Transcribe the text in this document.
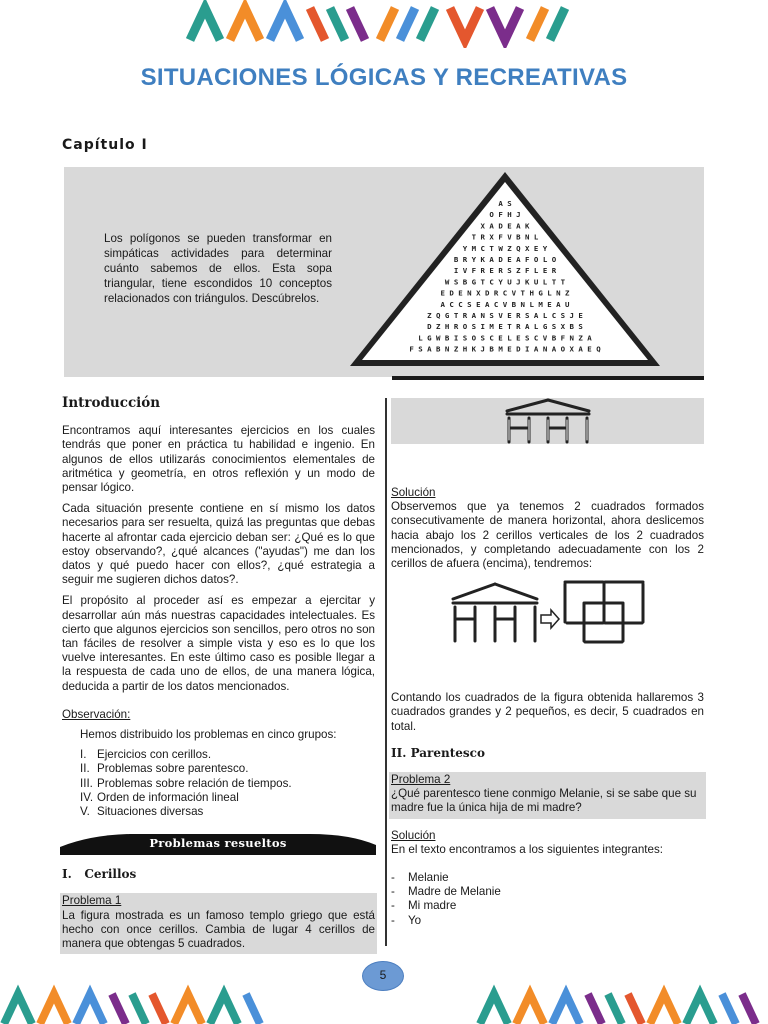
SITUACIONES LÓGICAS Y RECREATIVAS
Capítulo I

Los polígonos se pueden transformar en simpáticas actividades para determinar cuánto sabemos de ellos. Esta sopa triangular, tiene escondidos 10 conceptos relacionados con triángulos. Descúbrelos.

A S
O F H J
X A D E A K
T R X F V B N L
Y M C T W Z Q X E Y
B R Y K A D E A F O L O
I V F R E R S Z F L E R
W S B G T C Y U J K U L T T
E D E N X D R C V T H G L N Z
A C C S E A C V B N L M E A U
Z Q G T R A N S V E R S A L C S J E
D Z H R O S I M E T R A L G S X B S
L G W B I S O S C E L E S C V B F N Z A
F S A B N Z H K J B M E D I A N A O X A E Q
Introducción

Encontramos aquí interesantes ejercicios en los cuales tendrás que poner en práctica tu habilidad e ingenio. En algunos de ellos utilizarás conocimientos elementales de aritmética y geometría, en otros reflexión y un modo de pensar lógico.

Cada situación presente contiene en sí mismo los datos necesarios para ser resuelta, quizá las preguntas que debas hacerte al afrontar cada ejercicio deban ser: ¿Qué es lo que estoy observando?, ¿qué alcances ("ayudas") me dan los datos y qué puedo hacer con ellos?, ¿qué estrategia a seguir me sugieren dichos datos?.

El propósito al proceder así es empezar a ejercitar y desarrollar aún más nuestras capacidades intelectuales. Es cierto que algunos ejercicios son sencillos, pero otros no son tan fáciles de resolver a simple vista y eso es lo que los vuelve interesantes. En este último caso es posible llegar a la respuesta de cada uno de ellos, de una manera lógica, deducida a partir de los datos mencionados.

Observación:

Hemos distribuido los problemas en cinco grupos:

I. Ejercicios con cerillos.
II. Problemas sobre parentesco.
III. Problemas sobre relación de tiempos.
IV. Orden de información lineal
V. Situaciones diversas
Problemas resueltos

I.   Cerillos

Problema 1

La figura mostrada es un famoso templo griego que está hecho con once cerillos. Cambia de lugar 4 cerillos de manera que obtengas 5 cuadrados.

Solución

Observemos que ya tenemos 2 cuadrados formados consecutivamente de manera horizontal, ahora deslicemos hacia abajo los 2 cerillos verticales de los 2 cuadrados mencionados, y completando adecuadamente con los 2 cerillos de afuera (encima), tendremos:

Contando los cuadrados de la figura obtenida hallaremos 3 cuadrados grandes y 2 pequeños, es decir, 5 cuadrados en total.

II. Parentesco

Problema 2

¿Qué parentesco tiene conmigo Melanie, si se sabe que su madre fue la única hija de mi madre?

Solución

En el texto encontramos a los siguientes integrantes:

-	Melanie
-	Madre de Melanie
-	Mi madre
-	Yo
5
